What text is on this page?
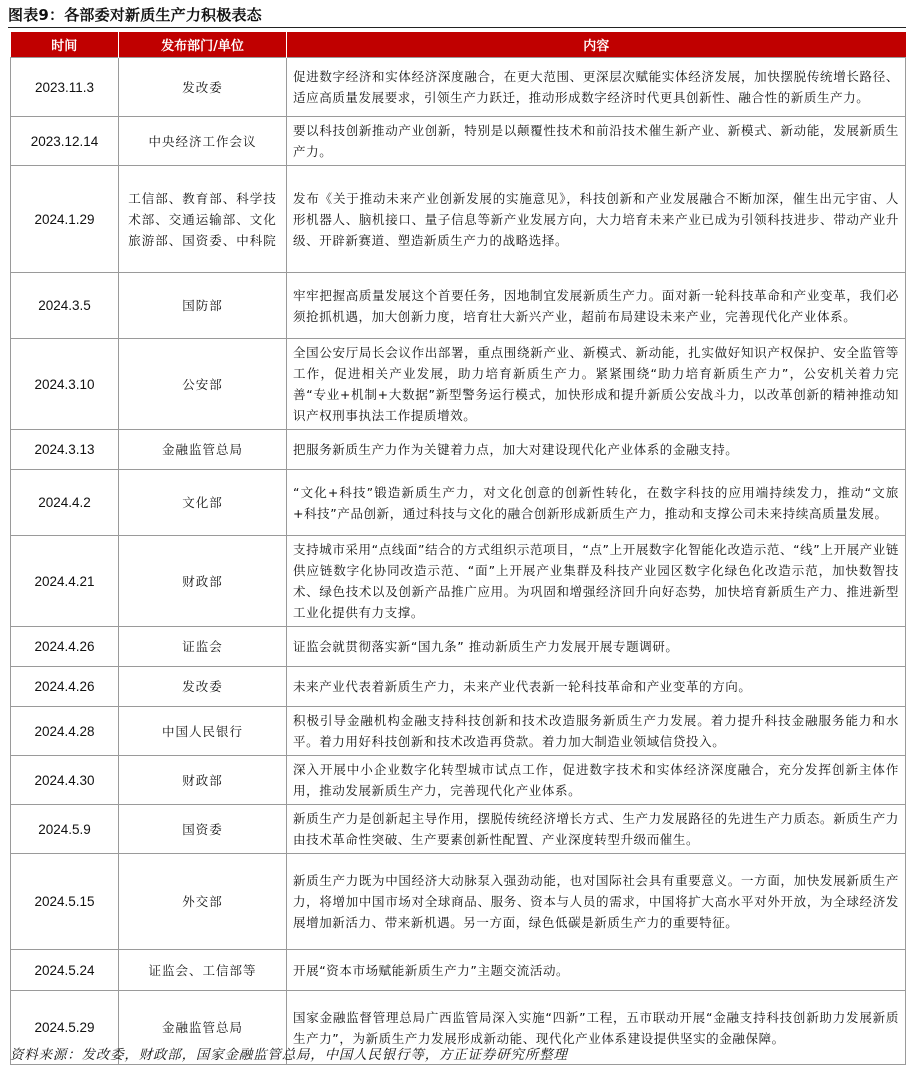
图表9：各部委对新质生产力积极表态
时间	发布部门/单位	内容
2023.11.3	发改委	促进数字经济和实体经济深度融合，在更大范围、更深层次赋能实体经济发展，加快摆脱传统增长路径、适应高质量发展要求，引领生产力跃迁，推动形成数字经济时代更具创新性、融合性的新质生产力。
2023.12.14	中央经济工作会议	要以科技创新推动产业创新，特别是以颠覆性技术和前沿技术催生新产业、新模式、新动能，发展新质生产力。
2024.1.29	工信部、教育部、科学技术部、交通运输部、文化旅游部、国资委、中科院	发布《关于推动未来产业创新发展的实施意见》，科技创新和产业发展融合不断加深，催生出元宇宙、人形机器人、脑机接口、量子信息等新产业发展方向，大力培育未来产业已成为引领科技进步、带动产业升级、开辟新赛道、塑造新质生产力的战略选择。
2024.3.5	国防部	牢牢把握高质量发展这个首要任务，因地制宜发展新质生产力。面对新一轮科技革命和产业变革，我们必须抢抓机遇，加大创新力度，培育壮大新兴产业，超前布局建设未来产业，完善现代化产业体系。
2024.3.10	公安部	全国公安厅局长会议作出部署，重点围绕新产业、新模式、新动能，扎实做好知识产权保护、安全监管等工作，促进相关产业发展，助力培育新质生产力。紧紧围绕“助力培育新质生产力”，公安机关着力完善“专业+机制+大数据”新型警务运行模式，加快形成和提升新质公安战斗力，以改革创新的精神推动知识产权刑事执法工作提质增效。
2024.3.13	金融监管总局	把服务新质生产力作为关键着力点，加大对建设现代化产业体系的金融支持。
2024.4.2	文化部	“文化+科技”锻造新质生产力，对文化创意的创新性转化，在数字科技的应用端持续发力，推动“文旅+科技”产品创新，通过科技与文化的融合创新形成新质生产力，推动和支撑公司未来持续高质量发展。
2024.4.21	财政部	支持城市采用“点线面”结合的方式组织示范项目，“点”上开展数字化智能化改造示范、“线”上开展产业链供应链数字化协同改造示范、“面”上开展产业集群及科技产业园区数字化绿色化改造示范，加快数智技术、绿色技术以及创新产品推广应用。为巩固和增强经济回升向好态势，加快培育新质生产力、推进新型工业化提供有力支撑。
2024.4.26	证监会	证监会就贯彻落实新“国九条” 推动新质生产力发展开展专题调研。
2024.4.26	发改委	未来产业代表着新质生产力，未来产业代表新一轮科技革命和产业变革的方向。
2024.4.28	中国人民银行	积极引导金融机构金融支持科技创新和技术改造服务新质生产力发展。着力提升科技金融服务能力和水平。着力用好科技创新和技术改造再贷款。着力加大制造业领域信贷投入。
2024.4.30	财政部	深入开展中小企业数字化转型城市试点工作，促进数字技术和实体经济深度融合，充分发挥创新主体作用，推动发展新质生产力，完善现代化产业体系。
2024.5.9	国资委	新质生产力是创新起主导作用，摆脱传统经济增长方式、生产力发展路径的先进生产力质态。新质生产力由技术革命性突破、生产要素创新性配置、产业深度转型升级而催生。
2024.5.15	外交部	新质生产力既为中国经济大动脉泵入强劲动能，也对国际社会具有重要意义。一方面，加快发展新质生产力，将增加中国市场对全球商品、服务、资本与人员的需求，中国将扩大高水平对外开放，为全球经济发展增加新活力、带来新机遇。另一方面，绿色低碳是新质生产力的重要特征。
2024.5.24	证监会、工信部等	开展“资本市场赋能新质生产力”主题交流活动。
2024.5.29	金融监管总局	国家金融监督管理总局广西监管局深入实施“四新”工程，五市联动开展“金融支持科技创新助力发展新质生产力”，为新质生产力发展形成新动能、现代化产业体系建设提供坚实的金融保障。
资料来源：发改委，财政部，国家金融监管总局，中国人民银行等，方正证券研究所整理
